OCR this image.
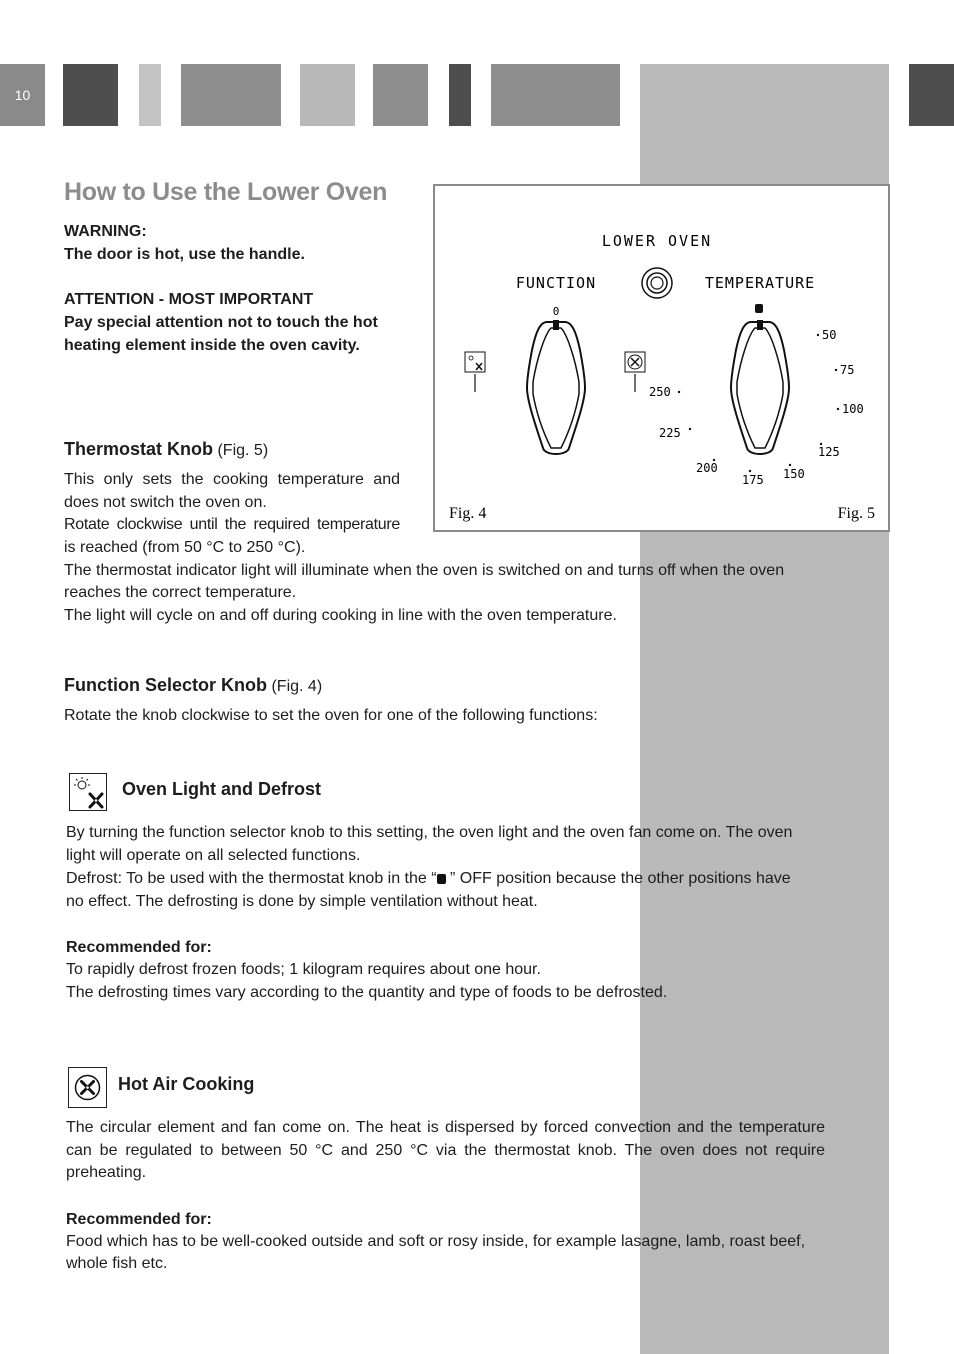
10
How to Use the Lower Oven
WARNING:
The door is hot, use the handle.
ATTENTION - MOST IMPORTANT
Pay special attention not to touch the hot
heating element inside the oven cavity.
LOWER OVEN
FUNCTION	TEMPERATURE
0
50
75
100
125
150
175
200
225
250
Fig. 4	Fig. 5
Thermostat Knob (Fig. 5)
This only sets the cooking temperature and
does not switch the oven on.
Rotate clockwise until the required temperature
is reached (from 50 °C to 250 °C).
The thermostat indicator light will illuminate when the oven is switched on and turns off when the oven
reaches the correct temperature.
The light will cycle on and off during cooking in line with the oven temperature.
Function Selector Knob (Fig. 4)
Rotate the knob clockwise to set the oven for one of the following functions:
Oven Light and Defrost
By turning the function selector knob to this setting, the oven light and the oven fan come on. The oven
light will operate on all selected functions.
Defrost: To be used with the thermostat knob in the “ ” OFF position because the other positions have
no effect. The defrosting is done by simple ventilation without heat.
Recommended for:
To rapidly defrost frozen foods; 1 kilogram requires about one hour.
The defrosting times vary according to the quantity and type of foods to be defrosted.
Hot Air Cooking
The circular element and fan come on. The heat is dispersed by forced convection and the temperature can be regulated to between 50 °C and 250 °C via the thermostat knob. The oven does not require preheating.
Recommended for:
Food which has to be well-cooked outside and soft or rosy inside, for example lasagne, lamb, roast beef,
whole fish etc.
